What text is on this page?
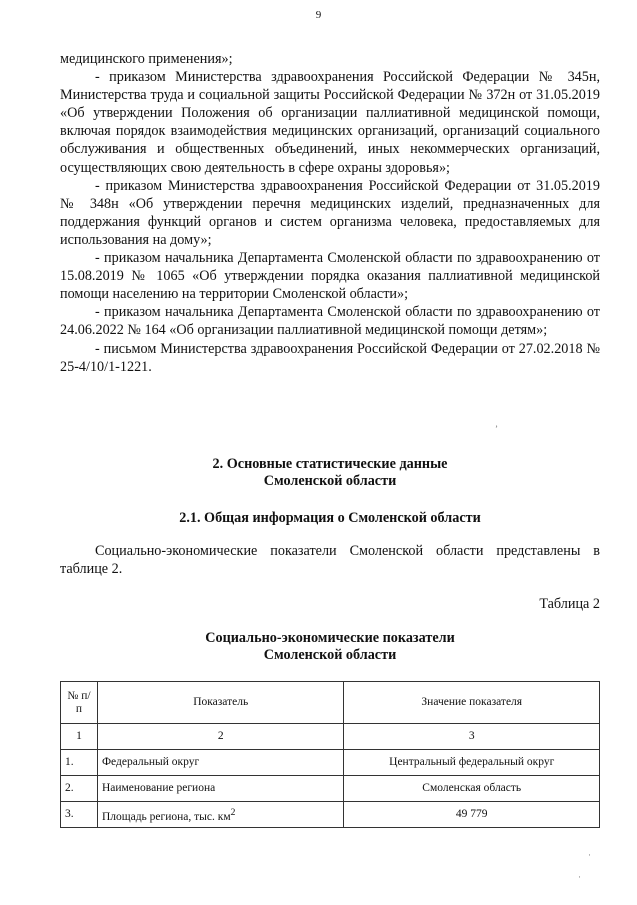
9

медицинского применения»;

- приказом Министерства здравоохранения Российской Федерации № 345н, Министерства труда и социальной защиты Российской Федерации № 372н от 31.05.2019 «Об утверждении Положения об организации паллиативной медицинской помощи, включая порядок взаимодействия медицинских организаций, организаций социального обслуживания и общественных объединений, иных некоммерческих организаций, осуществляющих свою деятельность в сфере охраны здоровья»;

- приказом Министерства здравоохранения Российской Федерации от 31.05.2019 № 348н «Об утверждении перечня медицинских изделий, предназначенных для поддержания функций органов и систем организма человека, предоставляемых для использования на дому»;

- приказом начальника Департамента Смоленской области по здравоохранению от 15.08.2019 № 1065 «Об утверждении порядка оказания паллиативной медицинской помощи населению на территории Смоленской области»;

- приказом начальника Департамента Смоленской области по здравоохранению от 24.06.2022 № 164 «Об организации паллиативной медицинской помощи детям»;

- письмом Министерства здравоохранения Российской Федерации от 27.02.2018 № 25-4/10/1-1221.

2. Основные статистические данные
Смоленской области
2.1. Общая информация о Смоленской области
Социально-экономические показатели Смоленской области представлены в таблице 2.
Таблица 2
Социально-экономические показатели
Смоленской области
№ п/п	Показатель	Значение показателя
1	2	3
1.	Федеральный округ	Центральный федеральный округ
2.	Наименование региона	Смоленская область
3.	Площадь региона, тыс. $км^2$	49 779
’
·
·
